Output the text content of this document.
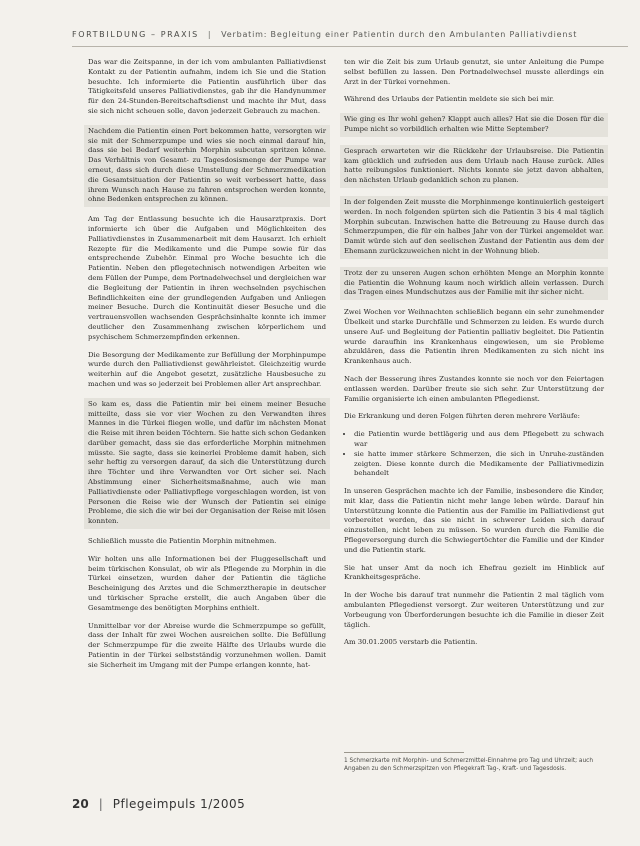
FORTBILDUNG – PRAXIS | Verbatim: Begleitung einer Patientin durch den Ambulanten Palliativdienst

Das war die Zeitspanne, in der ich vom ambulanten Palliativdienst Kontakt zu der Patientin aufnahm, indem ich Sie und die Station besuchte. Ich informierte die Patientin ausführlich über das Tätigkeitsfeld unseres Palliativdienstes, gab ihr die Handynummer für den 24-Stunden-Bereitschaftsdienst und machte ihr Mut, dass sie sich nicht scheuen solle, davon jederzeit Gebrauch zu machen.

Nachdem die Patientin einen Port bekommen hatte, versorgten wir sie mit der Schmerzpumpe und wies sie noch einmal darauf hin, dass sie bei Bedarf weiterhin Morphin subcutan spritzen könne. Das Verhältnis von Gesamt- zu Tagesdosismenge der Pumpe war erneut, dass sich durch diese Umstellung der Schmerzmedikation die Gesamtsituation der Patientin so weit verbessert hatte, dass ihrem Wunsch nach Hause zu fahren entsprochen werden konnte, ohne Bedenken entsprechen zu können.

Am Tag der Entlassung besuchte ich die Hausarztpraxis. Dort informierte ich über die Aufgaben und Möglichkeiten des Palliativdienstes in Zusammenarbeit mit dem Hausarzt. Ich erhielt Rezepte für die Medikamente und die Pumpe sowie für das entsprechende Zubehör. Einmal pro Woche besuchte ich die Patientin. Neben den pflegetechnisch notwendigen Arbeiten wie dem Füllen der Pumpe, dem Portnadelwechsel und dergleichen war die Begleitung der Patientin in ihren wechselnden psychischen Befindlichkeiten eine der grundlegenden Aufgaben und Anliegen meiner Besuche. Durch die Kontinuität dieser Besuche und die vertrauensvollen wachsenden Gesprächsinhalte konnte ich immer deutlicher den Zusammenhang zwischen körperlichem und psychischem Schmerzempfinden erkennen.

Die Besorgung der Medikamente zur Befüllung der Morphinpumpe wurde durch den Palliativdienst gewährleistet. Gleichzeitig wurde weiterhin auf die Angebot gesetzt, zusätzliche Hausbesuche zu machen und was so jederzeit bei Problemen aller Art ansprechbar.

So kam es, dass die Patientin mir bei einem meiner Besuche mitteilte, dass sie vor vier Wochen zu den Verwandten ihres Mannes in die Türkei fliegen wolle, und dafür im nächsten Monat die Reise mit ihren beiden Töchtern. Sie hatte sich schon Gedanken darüber gemacht, dass sie das erforderliche Morphin mitnehmen müsste. Sie sagte, dass sie keinerlei Probleme damit haben, sich sehr heftig zu versorgen darauf, da sich die Unterstützung durch ihre Töchter und ihre Verwandten vor Ort sicher sei. Nach Abstimmung einer Sicherheitsmaßnahme, auch wie man Palliativdienste oder Palliativpflege vorgeschlagen worden, ist von Personen die Reise wie der Wunsch der Patientin sei einige Probleme, die sich die wir bei der Organisation der Reise mit lösen konnten.

Schließlich musste die Patientin Morphin mitnehmen.

Wir holten uns alle Informationen bei der Fluggesellschaft und beim türkischen Konsulat, ob wir als Pflegende zu Morphin in die Türkei einsetzen, wurden daher der Patientin die tägliche Bescheinigung des Arztes und die Schmerztherapie in deutscher und türkischer Sprache erstellt, die auch Angaben über die Gesamtmenge des benötigten Morphins enthielt.

Unmittelbar vor der Abreise wurde die Schmerzpumpe so gefüllt, dass der Inhalt für zwei Wochen ausreichen sollte. Die Befüllung der Schmerzpumpe für die zweite Hälfte des Urlaubs wurde die Patientin in der Türkei selbstständig vorzunehmen wollen. Damit sie Sicherheit im Umgang mit der Pumpe erlangen konnte, hat-

ten wir die Zeit bis zum Urlaub genutzt, sie unter Anleitung die Pumpe selbst befüllen zu lassen. Den Portnadelwechsel musste allerdings ein Arzt in der Türkei vornehmen.

Während des Urlaubs der Patientin meldete sie sich bei mir.

Wie ging es Ihr wohl gehen? Klappt auch alles? Hat sie die Dosen für die Pumpe nicht so vorbildlich erhalten wie Mitte September?

Gesprach erwarteten wir die Rückkehr der Urlaubsreise. Die Patientin kam glücklich und zufrieden aus dem Urlaub nach Hause zurück. Alles hatte reibungslos funktioniert. Nichts konnte sie jetzt davon abhalten, den nächsten Urlaub gedanklich schon zu planen.

In der folgenden Zeit musste die Morphinmenge kontinuierlich gesteigert werden. In noch folgenden spürten sich die Patientin 3 bis 4 mal täglich Morphin subcutan. Inzwischen hatte die Betreuung zu Hause durch das Schmerzpumpen, die für ein halbes Jahr von der Türkei angemeldet war. Damit würde sich auf den seelischen Zustand der Patientin aus dem der Ehemann zurückzuweichen nicht in der Wohnung blieb.

Trotz der zu unseren Augen schon erhöhten Menge an Morphin konnte die Patientin die Wohnung kaum noch wirklich allein verlassen. Durch das Tragen eines Mundschutzes aus der Familie mit ihr sicher nicht.

Zwei Wochen vor Weihnachten schließlich begann ein sehr zunehmender Übelkeit und starke Durchfälle und Schmerzen zu leiden. Es wurde durch unsere Auf- und Begleitung der Patientin palliativ begleitet. Die Patientin wurde daraufhin ins Krankenhaus eingewiesen, um sie Probleme abzuklären, dass die Patientin ihren Medikamenten zu sich nicht ins Krankenhaus auch.

Nach der Besserung ihres Zustandes konnte sie noch vor den Feiertagen entlassen werden. Darüber freute sie sich sehr. Zur Unterstützung der Familie organisierte ich einen ambulanten Pflegedienst.

Die Erkrankung und deren Folgen führten deren mehrere Verläufe:

• die Patientin wurde bettlägerig und aus dem Pflegebett zu schwach war
• sie hatte immer stärkere Schmerzen, die sich in Unruhe-zuständen zeigten. Diese konnte durch die Medikamente der Palliativmedizin behandelt

In unseren Gesprächen machte ich der Familie, insbesondere die Kinder, mit klar, dass die Patientin nicht mehr lange leben würde. Darauf hin Unterstützung konnte die Patientin aus der Familie im Palliativdienst gut vorbereitet werden, das sie nicht in schwerer Leiden sich darauf einzustellen, nicht leben zu müssen. So wurden durch die Familie die Pflegeversorgung durch die Schwiegertöchter die Familie und der Kinder und die Patientin stark.

Sie hat unser Amt da noch ich Ehefrau gezielt im Hinblick auf Krankheitsgespräche.

In der Woche bis darauf trat nunmehr die Patientin 2 mal täglich vom ambulanten Pflegedienst versorgt. Zur weiteren Unterstützung und zur Vorbeugung von Überforderungen besuchte ich die Familie in dieser Zeit täglich.

Am 30.01.2005 verstarb die Patientin.

1 Schmerzkarte mit Morphin- und Schmerzmittel-Einnahme pro Tag und Uhrzeit; auch Angaben zu den Schmerzspitzen von Pflegekraft Tag-, Kraft- und Tagesdosis.
20 | Pflegeimpuls 1/2005
